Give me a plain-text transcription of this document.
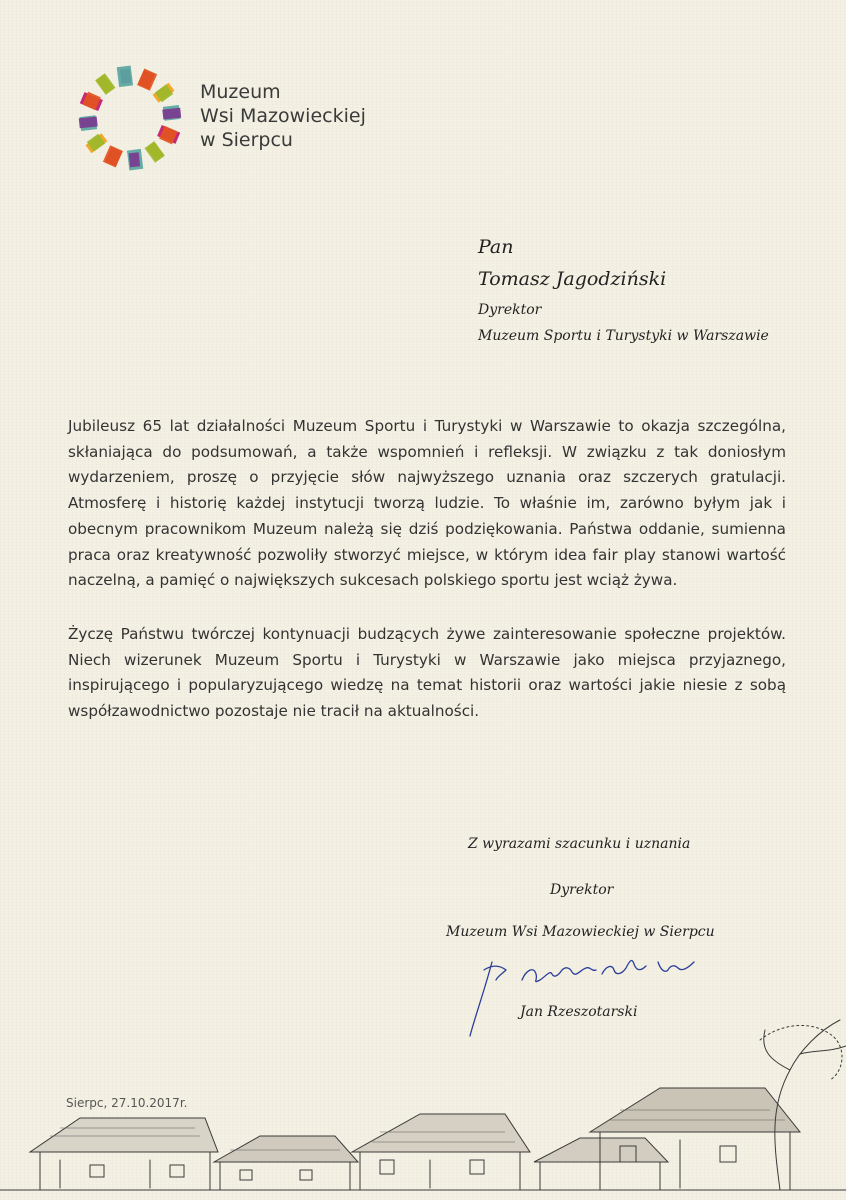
Muzeum
Wsi Mazowieckiej
w Sierpcu
Pan
Tomasz Jagodziński
Dyrektor
Muzeum Sportu i Turystyki w Warszawie

Jubileusz 65 lat działalności Muzeum Sportu i Turystyki w Warszawie to okazja szczególna, skłaniająca do podsumowań, a także wspomnień i refleksji. W związku z tak doniosłym wydarzeniem, proszę o przyjęcie słów najwyższego uznania oraz szczerych gratulacji. Atmosferę i historię każdej instytucji tworzą ludzie. To właśnie im, zarówno byłym jak i obecnym pracownikom Muzeum należą się dziś podziękowania. Państwa oddanie, sumienna praca oraz kreatywność pozwoliły stworzyć miejsce, w którym idea fair play stanowi wartość naczelną, a pamięć o największych sukcesach polskiego sportu jest wciąż żywa.

Życzę Państwu twórczej kontynuacji budzących żywe zainteresowanie społeczne projektów. Niech wizerunek Muzeum Sportu i Turystyki w Warszawie jako miejsca przyjaznego, inspirującego i popularyzującego wiedzę na temat historii oraz wartości jakie niesie z sobą współzawodnictwo pozostaje nie tracił na aktualności.

Z wyrazami szacunku i uznania
Dyrektor
Muzeum Wsi Mazowieckiej w Sierpcu
Jan Rzeszotarski
Sierpc, 27.10.2017r.
